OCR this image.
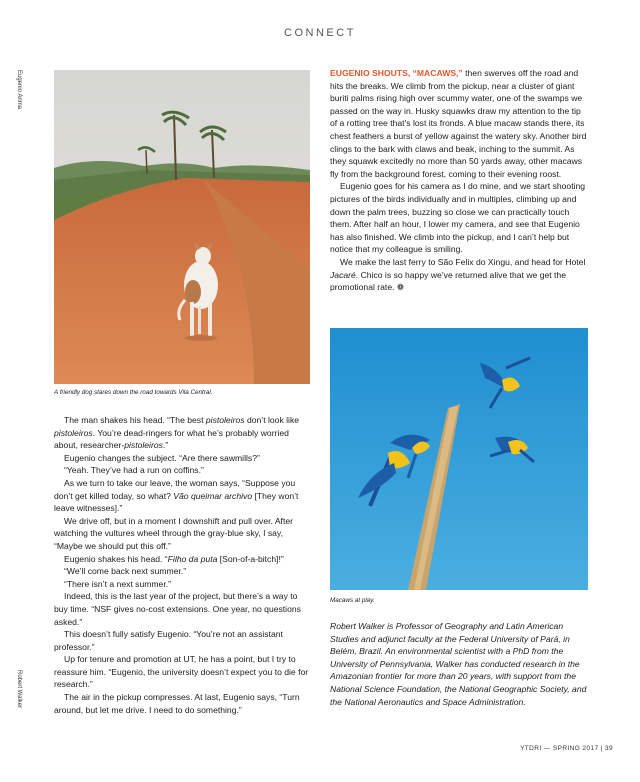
CONNECT
Eugenio Arima
Robert Walker
A friendly dog stares down the road towards Vila Central.

The man shakes his head. “The best pistoleiros don’t look like pistoleiros. You’re dead-ringers for what he’s probably worried about, researcher-pistoleiros.”

Eugenio changes the subject. “Are there sawmills?”

“Yeah. They’ve had a run on coffins.”

As we turn to take our leave, the woman says, “Suppose you don’t get killed today, so what? Vão queimar archivo [They won’t leave witnesses].”

We drive off, but in a moment I downshift and pull over. After watching the vultures wheel through the gray-blue sky, I say, “Maybe we should put this off.”

Eugenio shakes his head. “Filho da puta [Son-of-a-bitch]!”

“We’ll come back next summer.”

“There isn’t a next summer.”

Indeed, this is the last year of the project, but there’s a way to buy time. “NSF gives no-cost extensions. One year, no questions asked.”

This doesn’t fully satisfy Eugenio. “You’re not an assistant professor.”

Up for tenure and promotion at UT, he has a point, but I try to reassure him. “Eugenio, the university doesn’t expect you to die for research.”

The air in the pickup compresses. At last, Eugenio says, “Turn around, but let me drive. I need to do something.”

EUGENIO SHOUTS, “MACAWS,” then swerves off the road and hits the breaks. We climb from the pickup, near a cluster of giant buriti palms rising high over scummy water, one of the swamps we passed on the way in. Husky squawks draw my attention to the tip of a rotting tree that’s lost its fronds. A blue macaw stands there, its chest feathers a burst of yellow against the watery sky. Another bird clings to the bark with claws and beak, inching to the summit. As they squawk excitedly no more than 50 yards away, other macaws fly from the background forest, coming to their evening roost.

Eugenio goes for his camera as I do mine, and we start shooting pictures of the birds individually and in multiples, climbing up and down the palm trees, buzzing so close we can practically touch them. After half an hour, I lower my camera, and see that Eugenio has also finished. We climb into the pickup, and I can’t help but notice that my colleague is smiling.

We make the last ferry to São Felix do Xingu, and head for Hotel Jacaré. Chico is so happy we’ve returned alive that we get the promotional rate. ❁

Macaws at play.

Robert Walker is Professor of Geography and Latin American Studies and adjunct faculty at the Federal University of Pará, in Belém, Brazil. An environmental scientist with a PhD from the University of Pennsylvania, Walker has conducted research in the Amazonian frontier for more than 20 years, with support from the National Science Foundation, the National Geographic Society, and the National Aeronautics and Space Administration.

YTDRI — SPRING 2017 | 39
